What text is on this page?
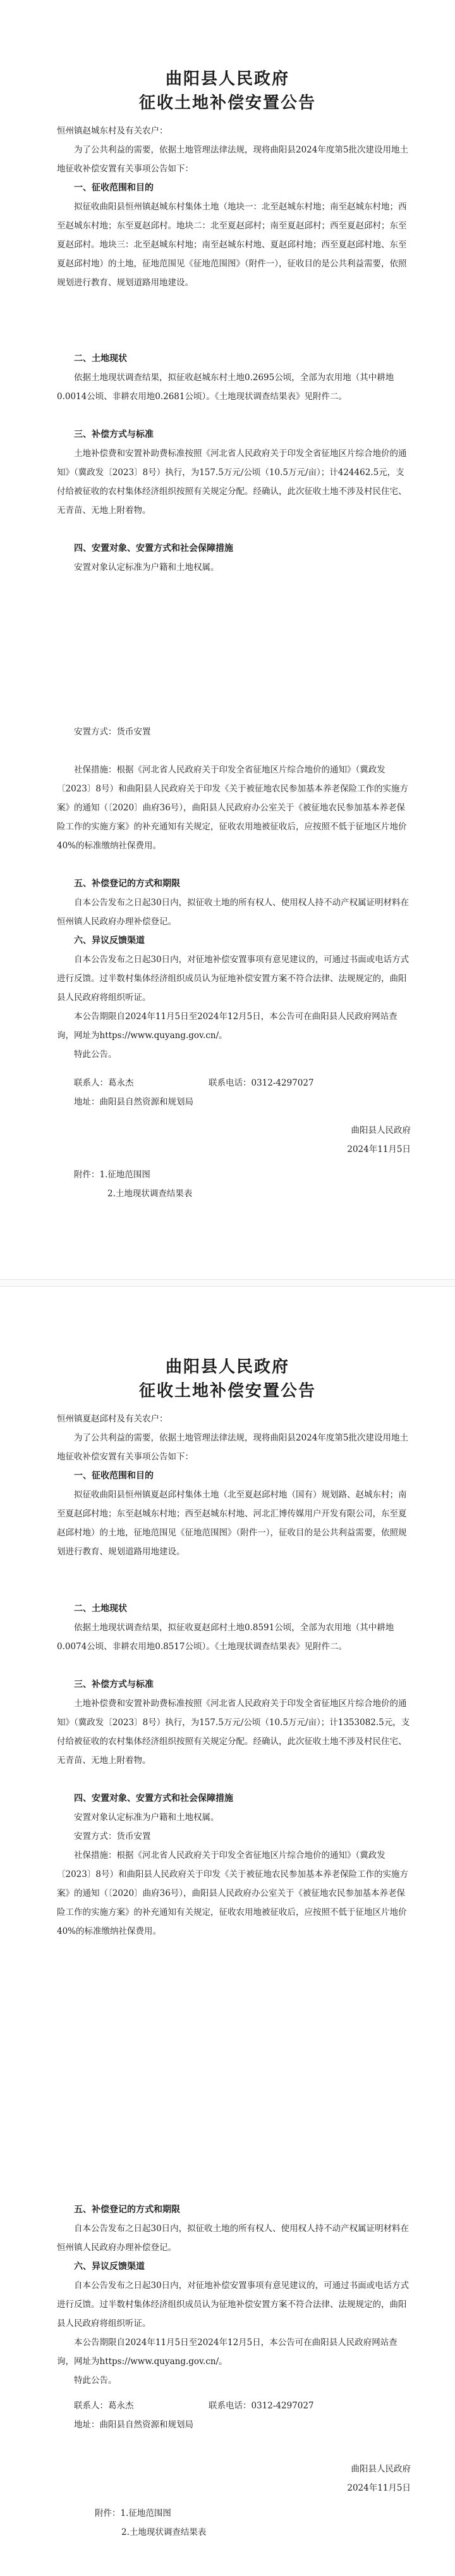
曲阳县人民政府

征收土地补偿安置公告

恒州镇赵城东村及有关农户：

为了公共利益的需要，依据土地管理法律法规，现将曲阳县2024年度第5批次建设用地土地征收补偿安置有关事项公告如下：

一、征收范围和目的

拟征收曲阳县恒州镇赵城东村集体土地（地块一：北至赵城东村地；南至赵城东村地；西至赵城东村地；东至夏赵邱村。地块二：北至夏赵邱村；南至夏赵邱村；西至夏赵邱村；东至夏赵邱村。地块三：北至赵城东村地；南至赵城东村地、夏赵邱村地；西至夏赵邱村地、东至夏赵邱村地）的土地，征地范围见《征地范围图》（附件一），征收目的是公共利益需要，依照规划进行教育、规划道路用地建设。

二、土地现状

依据土地现状调查结果，拟征收赵城东村土地0.2695公顷，全部为农用地（其中耕地0.0014公顷、非耕农用地0.2681公顷）。《土地现状调查结果表》见附件二。

三、补偿方式与标准

土地补偿费和安置补助费标准按照《河北省人民政府关于印发全省征地区片综合地价的通知》（冀政发〔2023〕8号）执行，为157.5万元/公顷（10.5万元/亩）；计424462.5元，支付给被征收的农村集体经济组织按照有关规定分配。经确认，此次征收土地不涉及村民住宅、无青苗、无地上附着物。

四、安置对象、安置方式和社会保障措施

安置对象认定标准为户籍和土地权属。

安置方式：货币安置

社保措施：根据《河北省人民政府关于印发全省征地区片综合地价的通知》（冀政发〔2023〕8号）和曲阳县人民政府关于印发《关于被征地农民参加基本养老保险工作的实施方案》的通知（〔2020〕曲府36号），曲阳县人民政府办公室关于《被征地农民参加基本养老保险工作的实施方案》的补充通知有关规定，征收农用地被征收后，应按照不低于征地区片地价40%的标准缴纳社保费用。

五、补偿登记的方式和期限

自本公告发布之日起30日内，拟征收土地的所有权人、使用权人持不动产权属证明材料在恒州镇人民政府办理补偿登记。

六、异议反馈渠道

自本公告发布之日起30日内，对征地补偿安置事项有意见建议的，可通过书面或电话方式进行反馈。过半数村集体经济组织成员认为征地补偿安置方案不符合法律、法规规定的，曲阳县人民政府将组织听证。

本公告期限自2024年11月5日至2024年12月5日，本公告可在曲阳县人民政府网站查询，网址为https://www.quyang.gov.cn/。

特此公告。

联系人：葛永杰	联系电话：0312-4297027

地址：曲阳县自然资源和规划局

曲阳县人民政府

2024年11月5日

附件：1.征地范围图

2.土地现状调查结果表

曲阳县人民政府

征收土地补偿安置公告

恒州镇夏赵邱村及有关农户：

为了公共利益的需要，依据土地管理法律法规，现将曲阳县2024年度第5批次建设用地土地征收补偿安置有关事项公告如下：

一、征收范围和目的

拟征收曲阳县恒州镇夏赵邱村集体土地（北至夏赵邱村地（国有）规划路、赵城东村；南至夏赵邱村地；东至赵城东村地；西至赵城东村地、河北汇博传媒用户开发有限公司，东至夏赵邱村地）的土地，征地范围见《征地范围图》（附件一），征收目的是公共利益需要，依照规划进行教育、规划道路用地建设。

二、土地现状

依据土地现状调查结果，拟征收夏赵邱村土地0.8591公顷，全部为农用地（其中耕地0.0074公顷、非耕农用地0.8517公顷）。《土地现状调查结果表》见附件二。

三、补偿方式与标准

土地补偿费和安置补助费标准按照《河北省人民政府关于印发全省征地区片综合地价的通知》（冀政发〔2023〕8号）执行，为157.5万元/公顷（10.5万元/亩）；计1353082.5元，支付给被征收的农村集体经济组织按照有关规定分配。经确认，此次征收土地不涉及村民住宅、无青苗、无地上附着物。

四、安置对象、安置方式和社会保障措施

安置对象认定标准为户籍和土地权属。

安置方式：货币安置

社保措施：根据《河北省人民政府关于印发全省征地区片综合地价的通知》（冀政发〔2023〕8号）和曲阳县人民政府关于印发《关于被征地农民参加基本养老保险工作的实施方案》的通知（〔2020〕曲府36号），曲阳县人民政府办公室关于《被征地农民参加基本养老保险工作的实施方案》的补充通知有关规定，征收农用地被征收后，应按照不低于征地区片地价40%的标准缴纳社保费用。

五、补偿登记的方式和期限

自本公告发布之日起30日内，拟征收土地的所有权人、使用权人持不动产权属证明材料在恒州镇人民政府办理补偿登记。

六、异议反馈渠道

自本公告发布之日起30日内，对征地补偿安置事项有意见建议的，可通过书面或电话方式进行反馈。过半数村集体经济组织成员认为征地补偿安置方案不符合法律、法规规定的，曲阳县人民政府将组织听证。

本公告期限自2024年11月5日至2024年12月5日，本公告可在曲阳县人民政府网站查询，网址为https://www.quyang.gov.cn/。

特此公告。

联系人：葛永杰	联系电话：0312-4297027

地址：曲阳县自然资源和规划局

曲阳县人民政府

2024年11月5日

附件：1.征地范围图

2.土地现状调查结果表
